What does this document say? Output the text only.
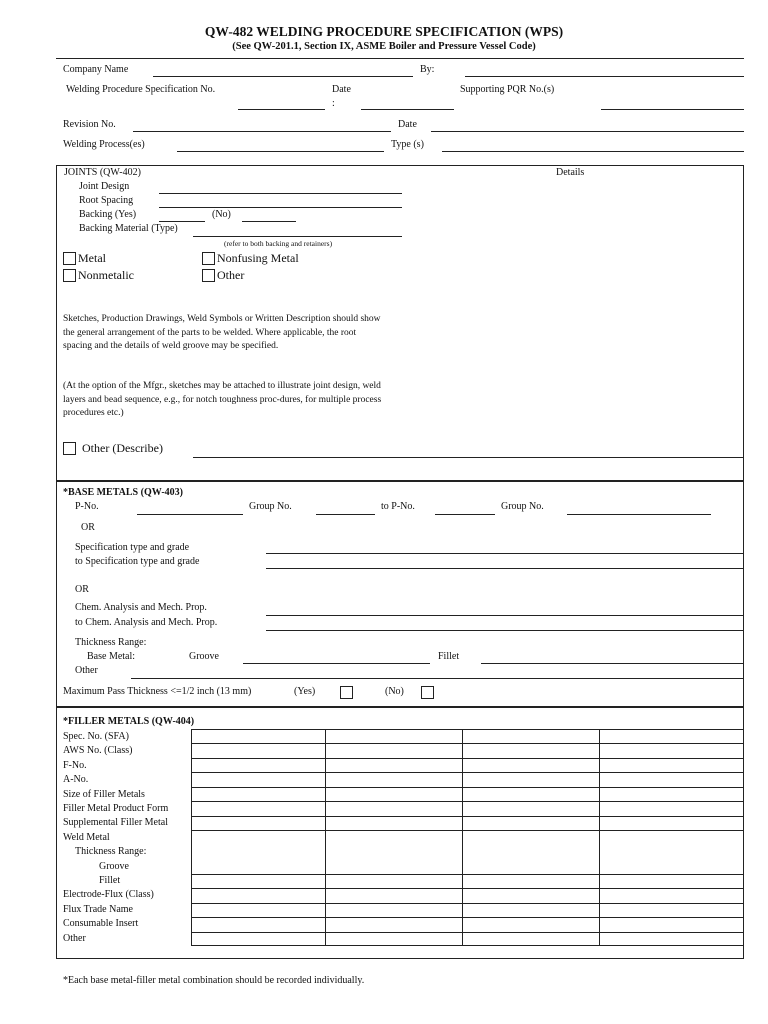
QW-482 WELDING PROCEDURE SPECIFICATION (WPS)
(See QW-201.1, Section IX, ASME Boiler and Pressure Vessel Code)
Company Name	By:
Welding Procedure Specification No.	Date
:
Supporting PQR No.(s)
Revision No.	Date
Welding Process(es)	Type (s)
JOINTS (QW-402)	Details
Joint Design
Root Spacing
Backing (Yes)	(No)
Backing Material (Type)
(refer to both backing and retainers)
Metal	Nonfusing Metal
Nonmetalic	Other
Sketches, Production Drawings, Weld Symbols or Written Description should show the general arrangement of the parts to be welded. Where applicable, the root spacing and the details of weld groove may be specified.
(At the option of the Mfgr., sketches may be attached to illustrate joint design, weld layers and bead sequence, e.g., for notch toughness proc-dures, for multiple process procedures etc.)
Other (Describe)
*BASE METALS (QW-403)
P-No.	Group No.	to P-No.	Group No.
OR
Specification type and grade
to Specification type and grade
OR
Chem. Analysis and Mech. Prop.
to Chem. Analysis and Mech. Prop.
Thickness Range:
Base Metal:	Groove	Fillet
Other
Maximum Pass Thickness <=1/2 inch (13 mm)	(Yes)	(No)
*FILLER METALS (QW-404)
Spec. No. (SFA)
AWS No. (Class)
F-No.
A-No.
Size of Filler Metals
Filler Metal Product Form
Supplemental Filler Metal
Weld Metal
Thickness Range:
Groove
Fillet
Electrode-Flux (Class)
Flux Trade Name
Consumable Insert
Other
*Each base metal-filler metal combination should be recorded individually.
